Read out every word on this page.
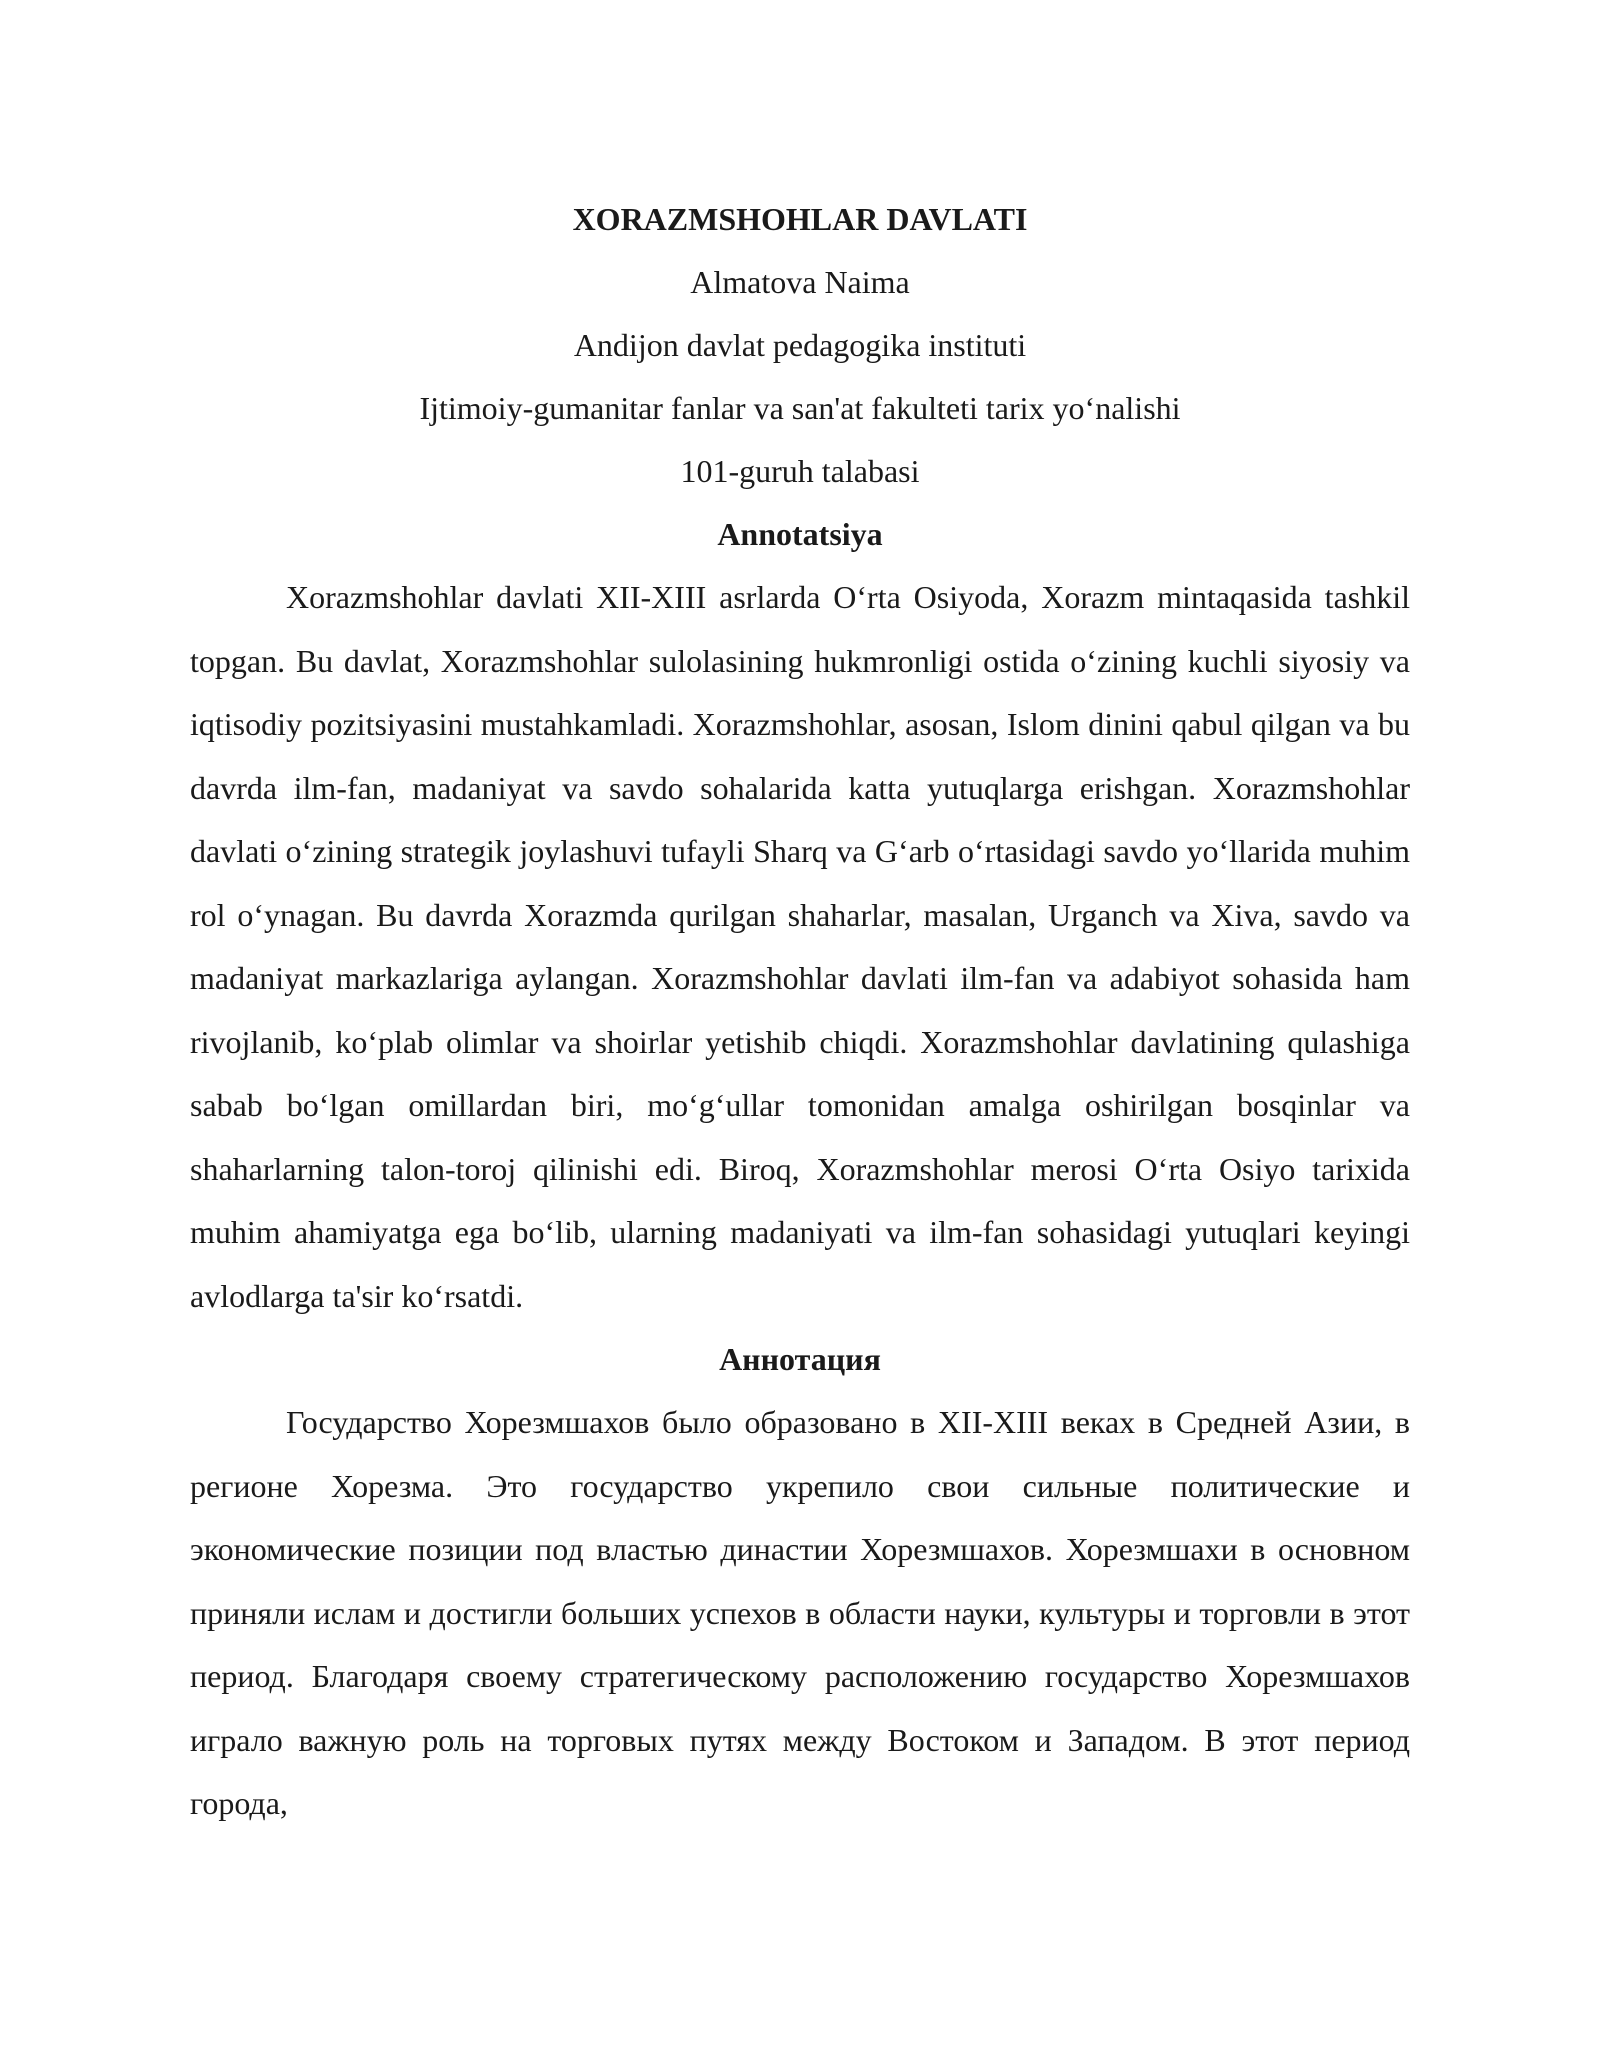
XORAZMSHOHLAR DAVLATI

Almatova Naima

Andijon davlat pedagogika instituti

Ijtimoiy-gumanitar fanlar va san'at fakulteti tarix yo‘nalishi

101-guruh talabasi

Annotatsiya

Xorazmshohlar davlati XII-XIII asrlarda O‘rta Osiyoda, Xorazm mintaqasida tashkil topgan. Bu davlat, Xorazmshohlar sulolasining hukmronligi ostida o‘zining kuchli siyosiy va iqtisodiy pozitsiyasini mustahkamladi. Xorazmshohlar, asosan, Islom dinini qabul qilgan va bu davrda ilm-fan, madaniyat va savdo sohalarida katta yutuqlarga erishgan. Xorazmshohlar davlati o‘zining strategik joylashuvi tufayli Sharq va G‘arb o‘rtasidagi savdo yo‘llarida muhim rol o‘ynagan. Bu davrda Xorazmda qurilgan shaharlar, masalan, Urganch va Xiva, savdo va madaniyat markazlariga aylangan. Xorazmshohlar davlati ilm-fan va adabiyot sohasida ham rivojlanib, ko‘plab olimlar va shoirlar yetishib chiqdi. Xorazmshohlar davlatining qulashiga sabab bo‘lgan omillardan biri, mo‘g‘ullar tomonidan amalga oshirilgan bosqinlar va shaharlarning talon-toroj qilinishi edi. Biroq, Xorazmshohlar merosi O‘rta Osiyo tarixida muhim ahamiyatga ega bo‘lib, ularning madaniyati va ilm-fan sohasidagi yutuqlari keyingi avlodlarga ta'sir ko‘rsatdi.

Аннотация

Государство Хорезмшахов было образовано в XII-XIII веках в Средней Азии, в регионе Хорезма. Это государство укрепило свои сильные политические и экономические позиции под властью династии Хорезмшахов. Хорезмшахи в основном приняли ислам и достигли больших успехов в области науки, культуры и торговли в этот период. Благодаря своему стратегическому расположению государство Хорезмшахов играло важную роль на торговых путях между Востоком и Западом. В этот период города,
